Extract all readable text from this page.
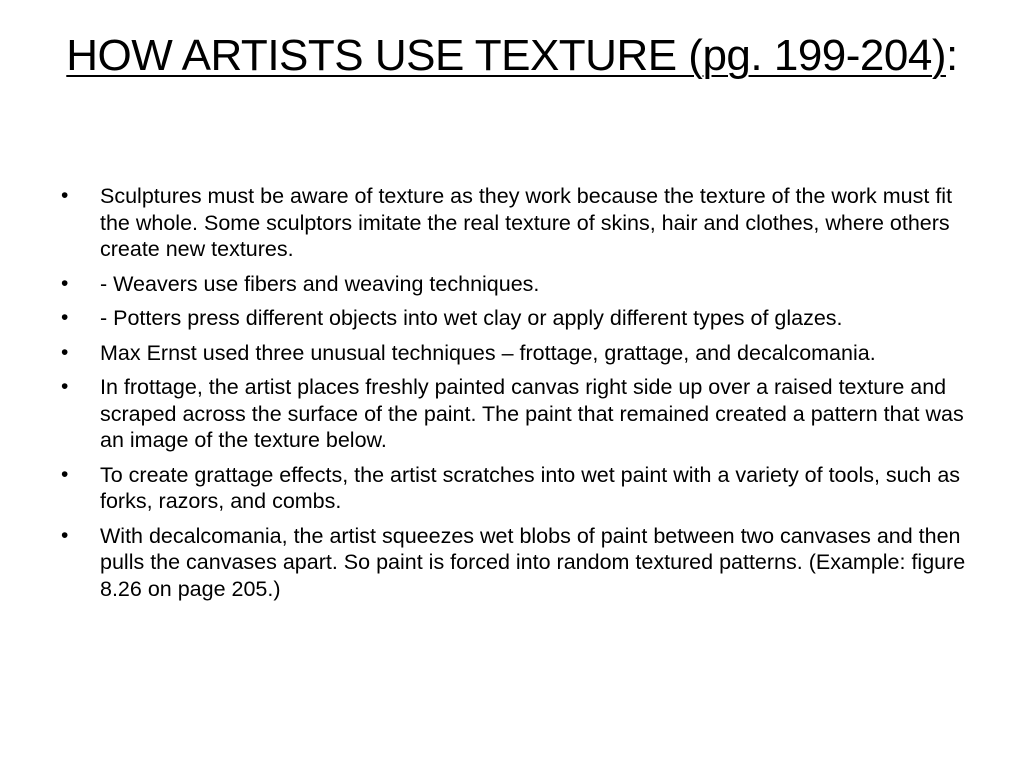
HOW ARTISTS USE TEXTURE (pg. 199-204):
• Sculptures must be aware of texture as they work because the texture of the work must fit the whole. Some sculptors imitate the real texture of skins, hair and clothes, where others create new textures.
• - Weavers use fibers and weaving techniques.
• - Potters press different objects into wet clay or apply different types of glazes.
• Max Ernst used three unusual techniques – frottage, grattage, and decalcomania.
• In frottage, the artist places freshly painted canvas right side up over a raised texture and scraped across the surface of the paint. The paint that remained created a pattern that was an image of the texture below.
• To create grattage effects, the artist scratches into wet paint with a variety of tools, such as forks, razors, and combs.
• With decalcomania, the artist squeezes wet blobs of paint between two canvases and then pulls the canvases apart. So paint is forced into random textured patterns. (Example: figure 8.26 on page 205.)
